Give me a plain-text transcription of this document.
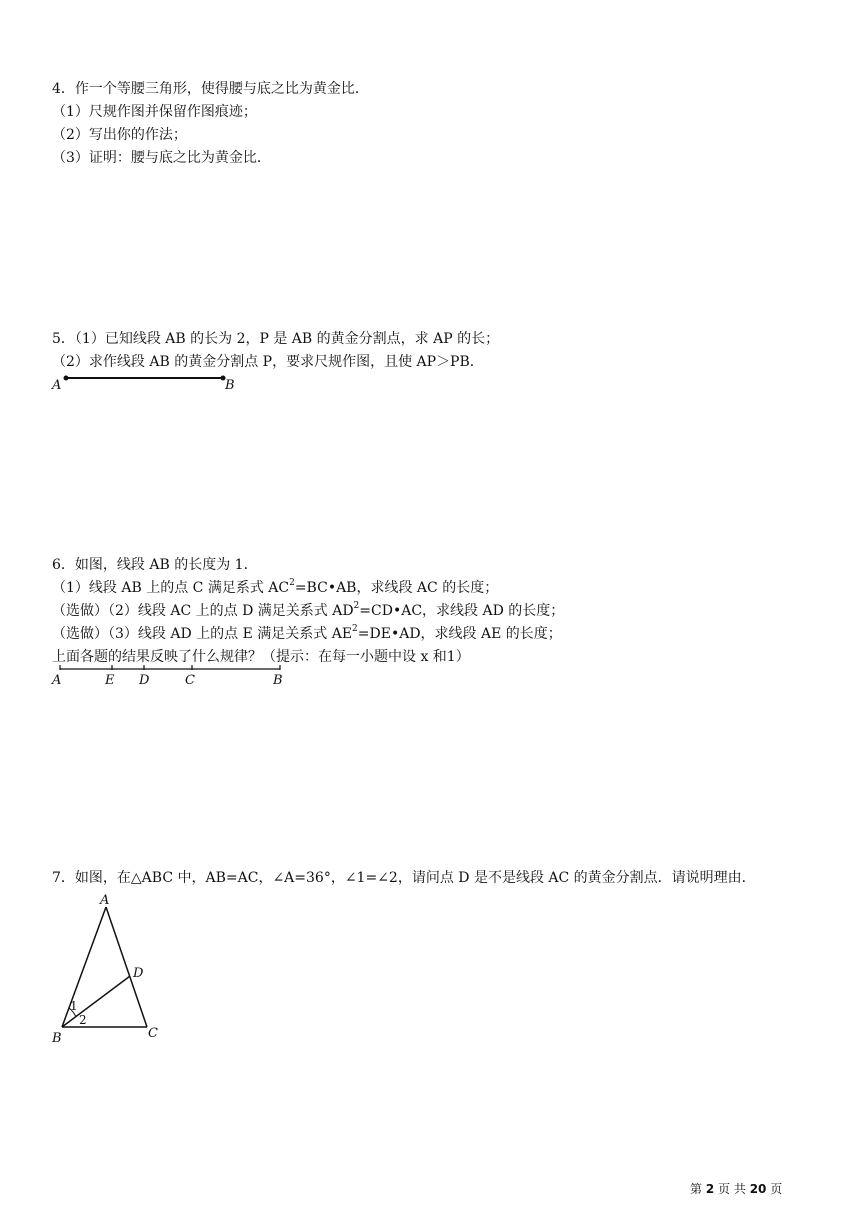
4．作一个等腰三角形，使得腰与底之比为黄金比．
（1）尺规作图并保留作图痕迹；
（2）写出你的作法；
（3）证明：腰与底之比为黄金比．
5．（1）已知线段 AB 的长为 2，P 是 AB 的黄金分割点，求 AP 的长；
（2）求作线段 AB 的黄金分割点 P，要求尺规作图，且使 AP＞PB．
A	B
6．如图，线段 AB 的长度为 1．
（1）线段 AB 上的点 C 满足系式 $AC^2=BC•AB$，求线段 AC 的长度；
（选做）（2）线段 AC 上的点 D 满足关系式 $AD^2=CD•AC$，求线段 AD 的长度；
（选做）（3）线段 AD 上的点 E 满足关系式 $AE^2=DE•AD$，求线段 AE 的长度；
上面各题的结果反映了什么规律？（提示：在每一小题中设 x 和1）
A	E D	C	B
7．如图，在△ABC 中，AB=AC，∠A=36°，∠1=∠2，请问点 D 是不是线段 AC 的黄金分割点．请说明理由．
A
B	C
D
1
2
第 2 页 共 20 页
